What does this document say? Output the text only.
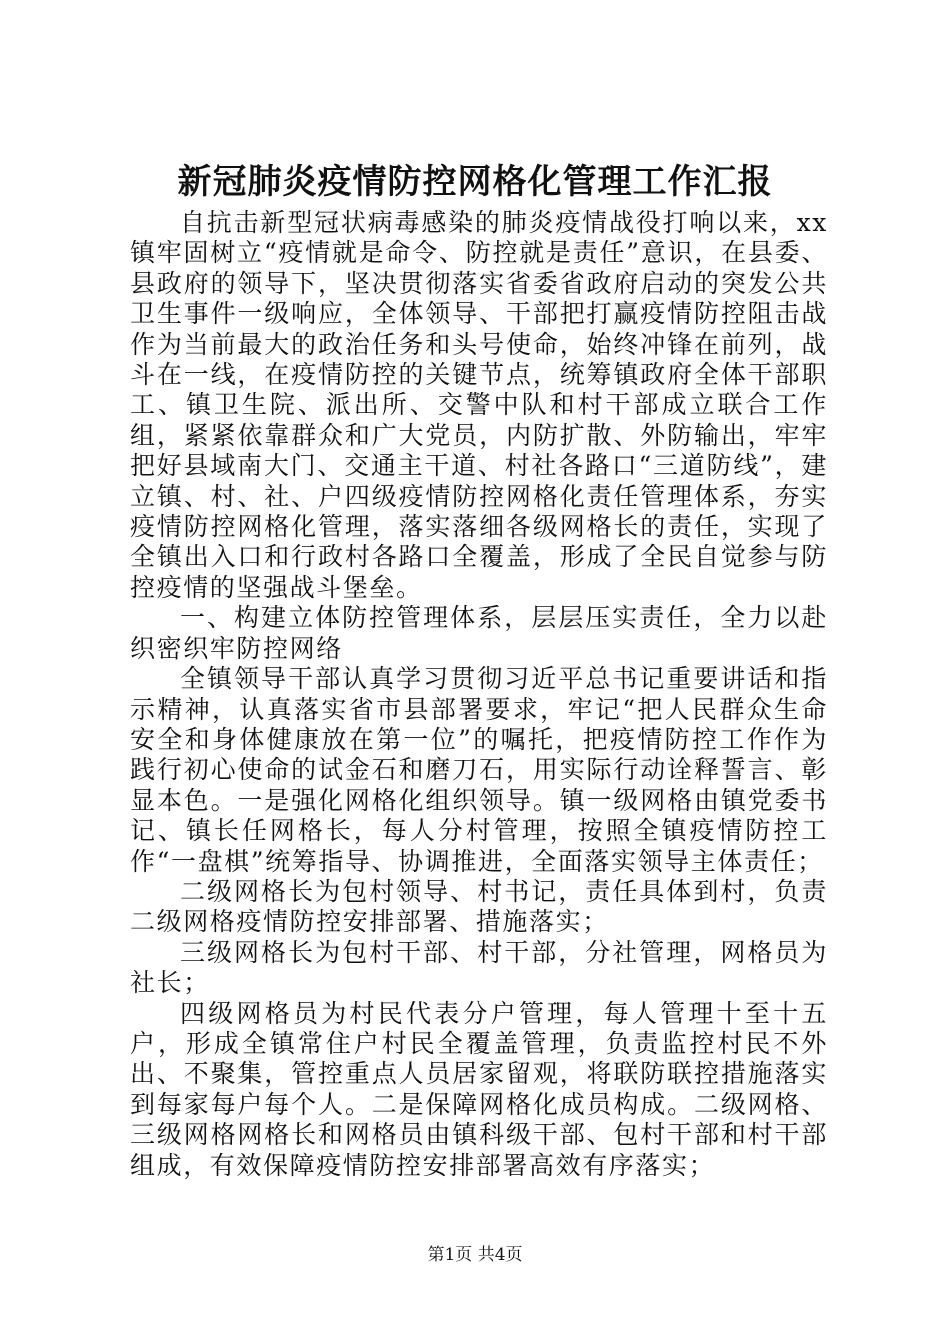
新冠肺炎疫情防控网格化管理工作汇报

自抗击新型冠状病毒感染的肺炎疫情战役打响以来，xx镇牢固树立“疫情就是命令、防控就是责任”意识，在县委、县政府的领导下，坚决贯彻落实省委省政府启动的突发公共卫生事件一级响应，全体领导、干部把打赢疫情防控阻击战作为当前最大的政治任务和头号使命，始终冲锋在前列，战斗在一线，在疫情防控的关键节点，统筹镇政府全体干部职工、镇卫生院、派出所、交警中队和村干部成立联合工作组，紧紧依靠群众和广大党员，内防扩散、外防输出，牢牢把好县域南大门、交通主干道、村社各路口“三道防线”，建立镇、村、社、户四级疫情防控网格化责任管理体系，夯实疫情防控网格化管理，落实落细各级网格长的责任，实现了全镇出入口和行政村各路口全覆盖，形成了全民自觉参与防控疫情的坚强战斗堡垒。

一、构建立体防控管理体系，层层压实责任，全力以赴织密织牢防控网络

全镇领导干部认真学习贯彻习近平总书记重要讲话和指示精神，认真落实省市县部署要求，牢记“把人民群众生命安全和身体健康放在第一位”的嘱托，把疫情防控工作作为践行初心使命的试金石和磨刀石，用实际行动诠释誓言、彰显本色。一是强化网格化组织领导。镇一级网格由镇党委书记、镇长任网格长，每人分村管理，按照全镇疫情防控工作“一盘棋”统筹指导、协调推进，全面落实领导主体责任；

二级网格长为包村领导、村书记，责任具体到村，负责二级网格疫情防控安排部署、措施落实；

三级网格长为包村干部、村干部，分社管理，网格员为社长；

四级网格员为村民代表分户管理，每人管理十至十五户，形成全镇常住户村民全覆盖管理，负责监控村民不外出、不聚集，管控重点人员居家留观，将联防联控措施落实到每家每户每个人。二是保障网格化成员构成。二级网格、三级网格网格长和网格员由镇科级干部、包村干部和村干部组成，有效保障疫情防控安排部署高效有序落实；

第1页 共4页
